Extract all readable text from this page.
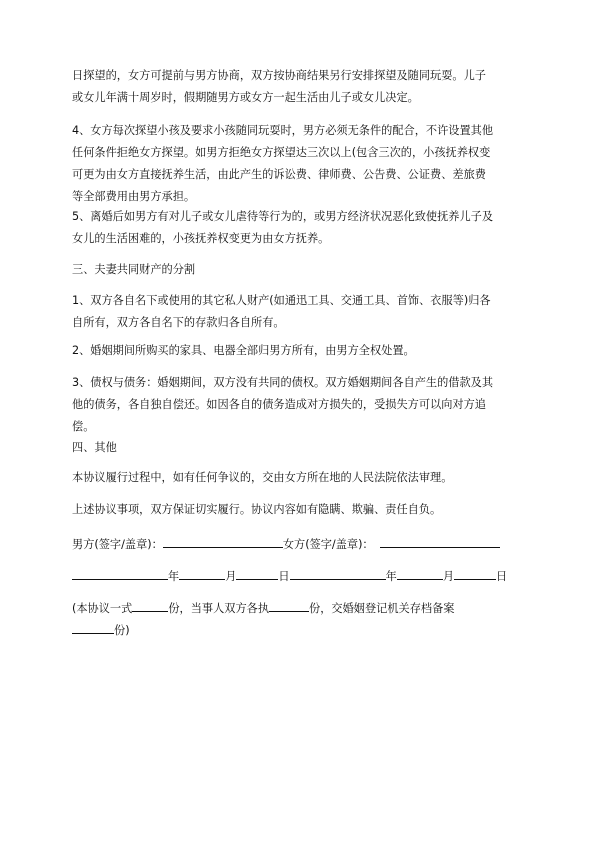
日探望的，女方可提前与男方协商，双方按协商结果另行安排探望及随同玩耍。儿子
或女儿年满十周岁时，假期随男方或女方一起生活由儿子或女儿决定。

4、女方每次探望小孩及要求小孩随同玩耍时，男方必须无条件的配合，不许设置其他
任何条件拒绝女方探望。如男方拒绝女方探望达三次以上(包含三次的，小孩抚养权变
可更为由女方直接抚养生活，由此产生的诉讼费、律师费、公告费、公证费、差旅费
等全部费用由男方承担。

5、离婚后如男方有对儿子或女儿虐待等行为的，或男方经济状况恶化致使抚养儿子及
女儿的生活困难的，小孩抚养权变更为由女方抚养。

三、夫妻共同财产的分割

1、双方各自名下或使用的其它私人财产(如通迅工具、交通工具、首饰、衣服等)归各
自所有，双方各自名下的存款归各自所有。

2、婚姻期间所购买的家具、电器全部归男方所有，由男方全权处置。

3、债权与债务：婚姻期间，双方没有共同的债权。双方婚姻期间各自产生的借款及其
他的债务，各自独自偿还。如因各自的债务造成对方损失的，受损失方可以向对方追
偿。

四、其他

本协议履行过程中，如有任何争议的，交由女方所在地的人民法院依法审理。

上述协议事项，双方保证切实履行。协议内容如有隐瞒、欺骗、责任自负。

男方(签字/盖章)：	女方(签字/盖章)：

年	月	日	年	月	日

(本协议一式	份，当事人双方各执	份，交婚姻登记机关存档备案
份)
